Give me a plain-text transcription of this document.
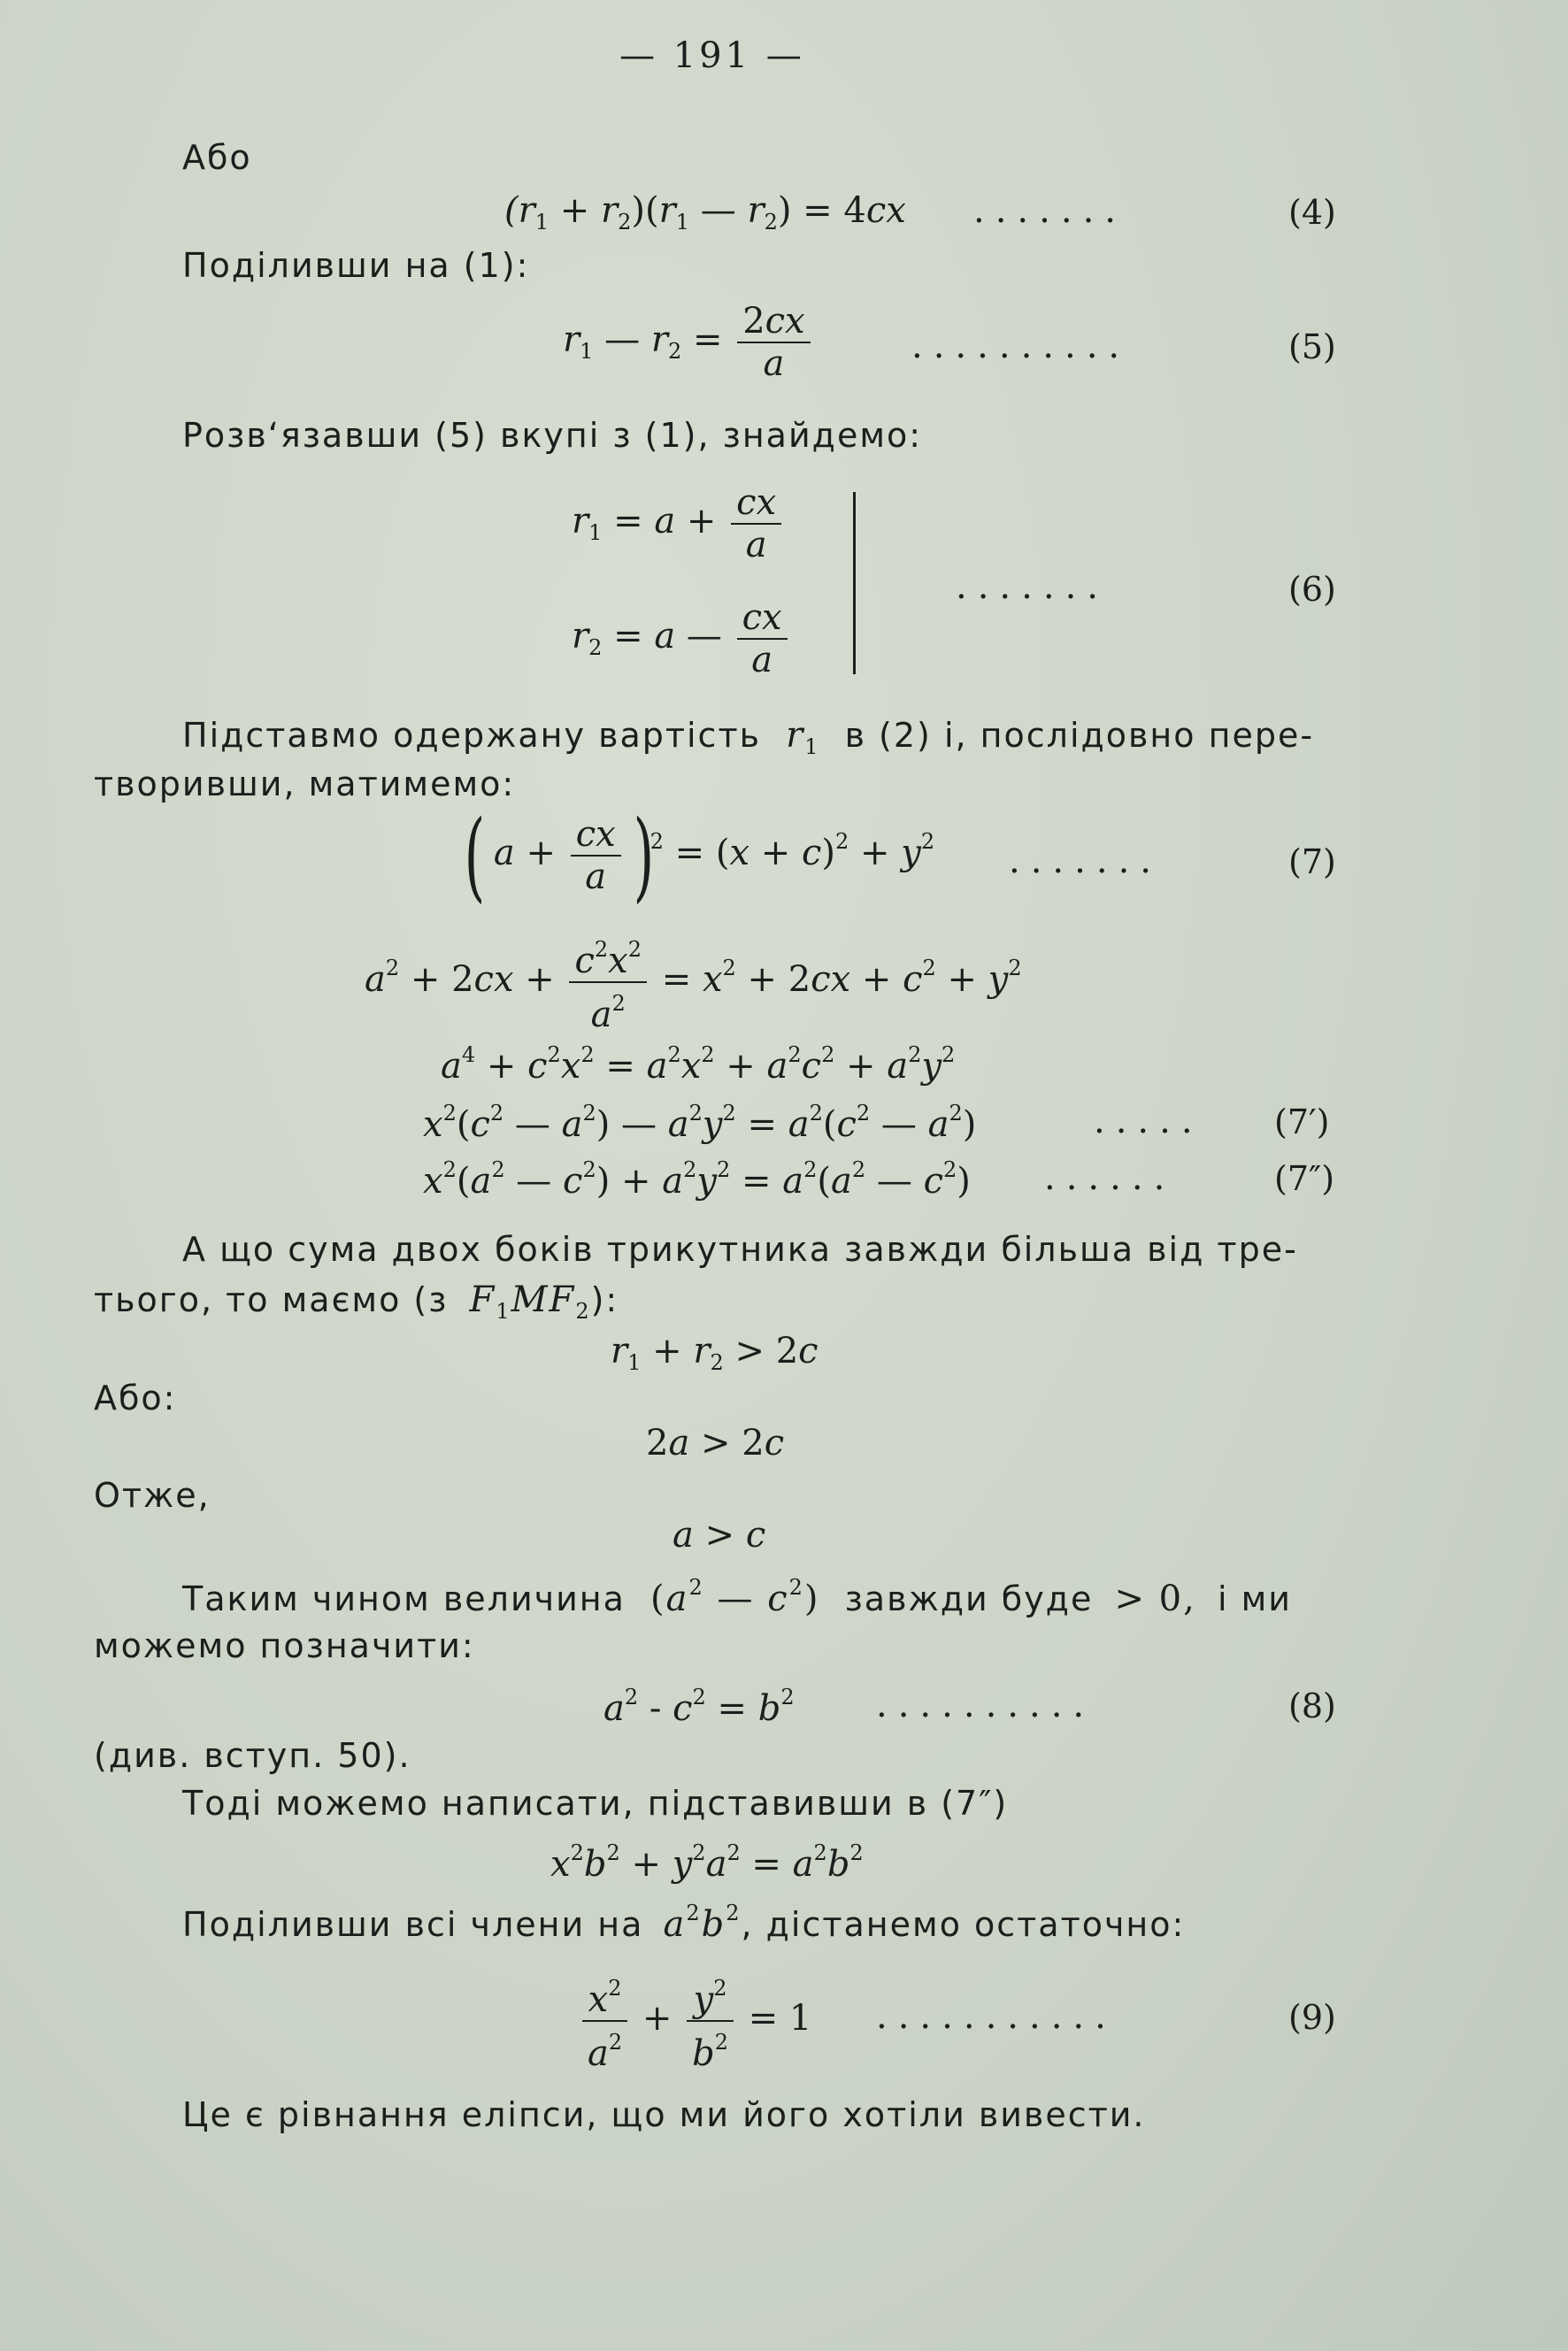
— 191 —
Або
$(r_1 + r_2)(r_1$ — $r_2) = 4cx$ .......	(4)
Поділивши на (1):
$r_1$ — $r_2 = \frac{2cx}{a}$	..........	(5)
Розв‘язавши (5) вкупі з (1), знайдемо:
$r_1 = a + \frac{cx}{a}$
$r_2 = a$ — $\frac{cx}{a}$
.......	(6)
Підставмо одержану вартість $r_1$ в (2) і, послідовно пере-
творивши, матимемо:
( $a + \frac{cx}{a} )^2 = (x + c)^2 + y^2$ .......	(7)
$a^2 + 2cx + \frac{c^2x^2}{a^2} = x^2 + 2cx + c^2 + y^2$
$a^4 + c^2x^2 = a^2x^2 + a^2c^2 + a^2y^2$
$x^2(c^2$ — $a^2$) — $a^2y^2 = a^2(c^2$ — $a^2$)	..... (7′)
$x^2(a^2$ — $c^2) + a^2y^2 = a^2(a^2$ — $c^2$) ......	(7″)
А що сума двох боків трикутника завжди більша від тре-
тього, то маємо (з $F_1MF_2$):
$r_1 + r_2 > 2c$
Або:
2a > 2c
Отже,
a > c
Таким чином величина ($a^2$ — $c^2$) завжди буде > 0, і ми
можемо позначити:
$a^2 - c^2 = b^2$ ..........	(8)
(див. вступ. 50).
Тоді можемо написати, підставивши в (7″)
$x^2b^2 + y^2a^2 = a^2b^2$
Поділивши всі члени на $a^2b^2$, дістанемо остаточно:
$\frac{x^2}{a^2} + \frac{y^2}{b^2} = 1$ ...........	(9)
Це є рівнання еліпси, що ми його хотіли вивести.
